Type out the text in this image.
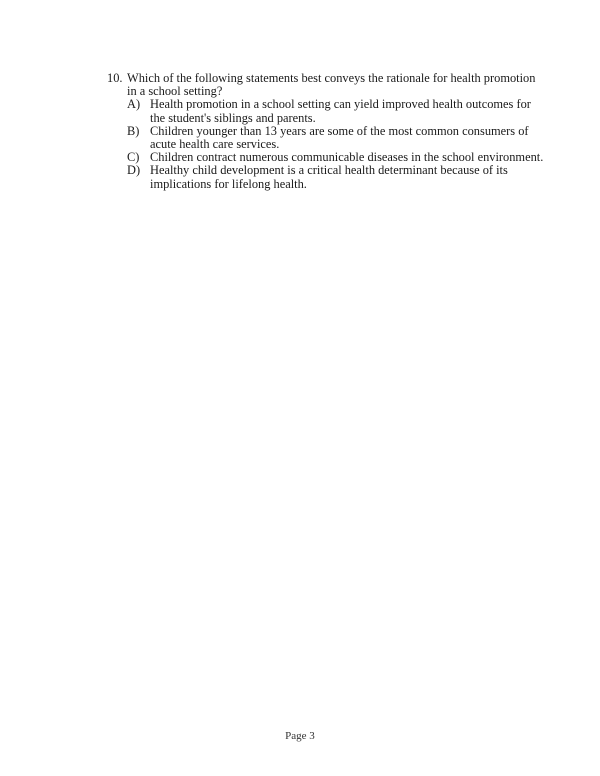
10. Which of the following statements best conveys the rationale for health promotion in a school setting?
A) Health promotion in a school setting can yield improved health outcomes for the student's siblings and parents.
B) Children younger than 13 years are some of the most common consumers of acute health care services.
C) Children contract numerous communicable diseases in the school environment.
D) Healthy child development is a critical health determinant because of its implications for lifelong health.
Page 3
